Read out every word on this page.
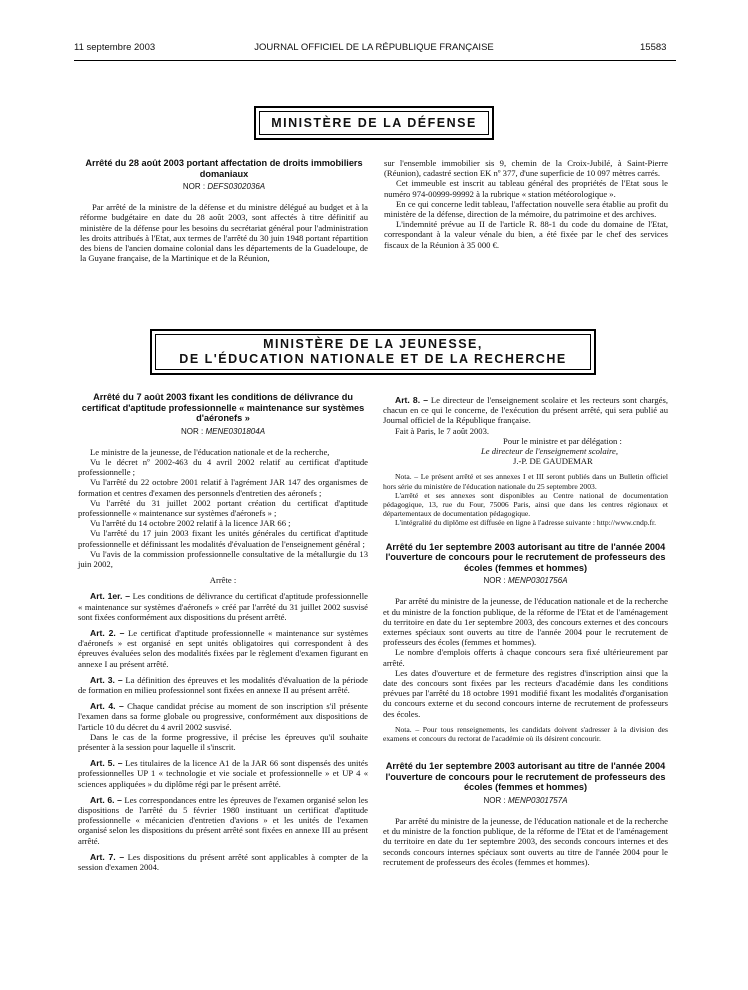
11 septembre 2003	JOURNAL OFFICIEL DE LA RÉPUBLIQUE FRANÇAISE	15583
MINISTÈRE DE LA DÉFENSE
Arrêté du 28 août 2003 portant affectation de droits immobiliers domaniaux
NOR : DEFS0302036A

Par arrêté de la ministre de la défense et du ministre délégué au budget et à la réforme budgétaire en date du 28 août 2003, sont affectés à titre définitif au ministère de la défense pour les besoins du secrétariat général pour l'administration les droits attribués à l'Etat, aux termes de l'arrêté du 30 juin 1948 portant répartition des biens de l'ancien domaine colonial dans les départements de la Guadeloupe, de la Guyane française, de la Martinique et de la Réunion,

sur l'ensemble immobilier sis 9, chemin de la Croix-Jubilé, à Saint-Pierre (Réunion), cadastré section EK nº 377, d'une superficie de 10 097 mètres carrés.

Cet immeuble est inscrit au tableau général des propriétés de l'Etat sous le numéro 974-00999-99992 à la rubrique « station météorologique ».

En ce qui concerne ledit tableau, l'affectation nouvelle sera établie au profit du ministère de la défense, direction de la mémoire, du patrimoine et des archives.

L'indemnité prévue au II de l'article R. 88-1 du code du domaine de l'Etat, correspondant à la valeur vénale du bien, a été fixée par le chef des services fiscaux de la Réunion à 35 000 €.

MINISTÈRE DE LA JEUNESSE,
DE L'ÉDUCATION NATIONALE ET DE LA RECHERCHE
Arrêté du 7 août 2003 fixant les conditions de délivrance du certificat d'aptitude professionnelle « maintenance sur systèmes d'aéronefs »
NOR : MENE0301804A

Le ministre de la jeunesse, de l'éducation nationale et de la recherche,

Vu le décret nº 2002-463 du 4 avril 2002 relatif au certificat d'aptitude professionnelle ;

Vu l'arrêté du 22 octobre 2001 relatif à l'agrément JAR 147 des organismes de formation et centres d'examen des personnels d'entretien des aéronefs ;

Vu l'arrêté du 31 juillet 2002 portant création du certificat d'aptitude professionnelle « maintenance sur systèmes d'aéronefs » ;

Vu l'arrêté du 14 octobre 2002 relatif à la licence JAR 66 ;

Vu l'arrêté du 17 juin 2003 fixant les unités générales du certificat d'aptitude professionnelle et définissant les modalités d'évaluation de l'enseignement général ;

Vu l'avis de la commission professionnelle consultative de la métallurgie du 13 juin 2002,

Arrête :

Art. 1er. – Les conditions de délivrance du certificat d'aptitude professionnelle « maintenance sur systèmes d'aéronefs » créé par l'arrêté du 31 juillet 2002 susvisé sont fixées conformément aux dispositions du présent arrêté.

Art. 2. – Le certificat d'aptitude professionnelle « maintenance sur systèmes d'aéronefs » est organisé en sept unités obligatoires qui correspondent à des épreuves évaluées selon des modalités fixées par le règlement d'examen figurant en annexe I au présent arrêté.

Art. 3. – La définition des épreuves et les modalités d'évaluation de la période de formation en milieu professionnel sont fixées en annexe II au présent arrêté.

Art. 4. – Chaque candidat précise au moment de son inscription s'il présente l'examen dans sa forme globale ou progressive, conformément aux dispositions de l'article 10 du décret du 4 avril 2002 susvisé.

Dans le cas de la forme progressive, il précise les épreuves qu'il souhaite présenter à la session pour laquelle il s'inscrit.

Art. 5. – Les titulaires de la licence A1 de la JAR 66 sont dispensés des unités professionnelles UP 1 « technologie et vie sociale et professionnelle » et UP 4 « sciences appliquées » du diplôme régi par le présent arrêté.

Art. 6. – Les correspondances entre les épreuves de l'examen organisé selon les dispositions de l'arrêté du 5 février 1980 instituant un certificat d'aptitude professionnelle « mécanicien d'entretien d'avions » et les unités de l'examen organisé selon les dispositions du présent arrêté sont fixées en annexe III au présent arrêté.

Art. 7. – Les dispositions du présent arrêté sont applicables à compter de la session d'examen 2004.

Art. 8. – Le directeur de l'enseignement scolaire et les recteurs sont chargés, chacun en ce qui le concerne, de l'exécution du présent arrêté, qui sera publié au Journal officiel de la République française.

Fait à Paris, le 7 août 2003.

Pour le ministre et par délégation :

Le directeur de l'enseignement scolaire,

J.-P. DE GAUDEMAR

Nota. – Le présent arrêté et ses annexes I et III seront publiés dans un Bulletin officiel hors série du ministère de l'éducation nationale du 25 septembre 2003.

L'arrêté et ses annexes sont disponibles au Centre national de documentation pédagogique, 13, rue du Four, 75006 Paris, ainsi que dans les centres régionaux et départementaux de documentation pédagogique.

L'intégralité du diplôme est diffusée en ligne à l'adresse suivante : http://www.cndp.fr.

Arrêté du 1er septembre 2003 autorisant au titre de l'année 2004 l'ouverture de concours pour le recrutement de professeurs des écoles (femmes et hommes)
NOR : MENP0301756A

Par arrêté du ministre de la jeunesse, de l'éducation nationale et de la recherche et du ministre de la fonction publique, de la réforme de l'Etat et de l'aménagement du territoire en date du 1er septembre 2003, des concours externes et des concours externes spéciaux sont ouverts au titre de l'année 2004 pour le recrutement de professeurs des écoles (femmes et hommes).

Le nombre d'emplois offerts à chaque concours sera fixé ultérieurement par arrêté.

Les dates d'ouverture et de fermeture des registres d'inscription ainsi que la date des concours sont fixées par les recteurs d'académie dans les conditions prévues par l'arrêté du 18 octobre 1991 modifié fixant les modalités d'organisation du concours externe et du second concours interne de recrutement de professeurs des écoles.

Nota. – Pour tous renseignements, les candidats doivent s'adresser à la division des examens et concours du rectorat de l'académie où ils désirent concourir.

Arrêté du 1er septembre 2003 autorisant au titre de l'année 2004 l'ouverture de concours pour le recrutement de professeurs des écoles (femmes et hommes)
NOR : MENP0301757A

Par arrêté du ministre de la jeunesse, de l'éducation nationale et de la recherche et du ministre de la fonction publique, de la réforme de l'Etat et de l'aménagement du territoire en date du 1er septembre 2003, des seconds concours internes et des seconds concours internes spéciaux sont ouverts au titre de l'année 2004 pour le recrutement de professeurs des écoles (femmes et hommes).
